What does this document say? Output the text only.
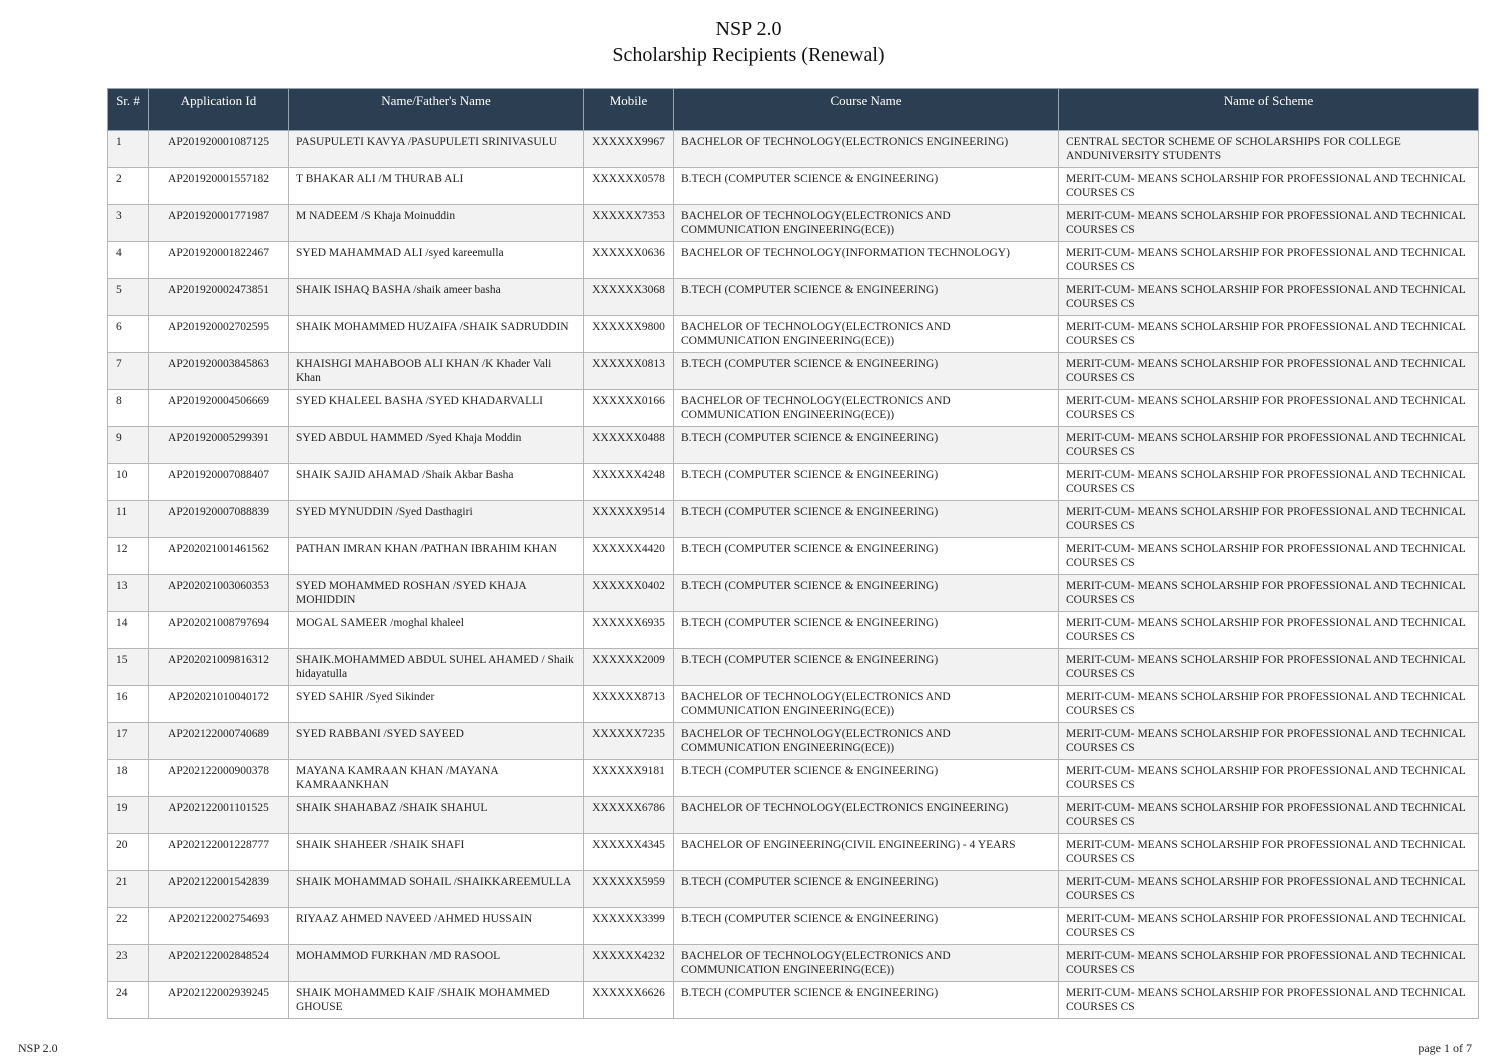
NSP 2.0
Scholarship Recipients (Renewal)
Sr. #	Application Id	Name/Father's Name	Mobile	Course Name	Name of Scheme
1	AP201920001087125	PASUPULETI KAVYA /PASUPULETI SRINIVASULU	XXXXXX9967	BACHELOR OF TECHNOLOGY(ELECTRONICS ENGINEERING)	CENTRAL SECTOR SCHEME OF SCHOLARSHIPS FOR COLLEGE ANDUNIVERSITY STUDENTS
2	AP201920001557182	T BHAKAR ALI /M THURAB ALI	XXXXXX0578	B.TECH (COMPUTER SCIENCE & ENGINEERING)	MERIT-CUM- MEANS SCHOLARSHIP FOR PROFESSIONAL AND TECHNICAL COURSES CS
3	AP201920001771987	M NADEEM /S Khaja Moinuddin	XXXXXX7353	BACHELOR OF TECHNOLOGY(ELECTRONICS AND COMMUNICATION ENGINEERING(ECE))	MERIT-CUM- MEANS SCHOLARSHIP FOR PROFESSIONAL AND TECHNICAL COURSES CS
4	AP201920001822467	SYED MAHAMMAD ALI /syed kareemulla	XXXXXX0636	BACHELOR OF TECHNOLOGY(INFORMATION TECHNOLOGY)	MERIT-CUM- MEANS SCHOLARSHIP FOR PROFESSIONAL AND TECHNICAL COURSES CS
5	AP201920002473851	SHAIK ISHAQ BASHA /shaik ameer basha	XXXXXX3068	B.TECH (COMPUTER SCIENCE & ENGINEERING)	MERIT-CUM- MEANS SCHOLARSHIP FOR PROFESSIONAL AND TECHNICAL COURSES CS
6	AP201920002702595	SHAIK MOHAMMED HUZAIFA /SHAIK SADRUDDIN	XXXXXX9800	BACHELOR OF TECHNOLOGY(ELECTRONICS AND COMMUNICATION ENGINEERING(ECE))	MERIT-CUM- MEANS SCHOLARSHIP FOR PROFESSIONAL AND TECHNICAL COURSES CS
7	AP201920003845863	KHAISHGI MAHABOOB ALI KHAN /K Khader Vali Khan	XXXXXX0813	B.TECH (COMPUTER SCIENCE & ENGINEERING)	MERIT-CUM- MEANS SCHOLARSHIP FOR PROFESSIONAL AND TECHNICAL COURSES CS
8	AP201920004506669	SYED KHALEEL BASHA /SYED KHADARVALLI	XXXXXX0166	BACHELOR OF TECHNOLOGY(ELECTRONICS AND COMMUNICATION ENGINEERING(ECE))	MERIT-CUM- MEANS SCHOLARSHIP FOR PROFESSIONAL AND TECHNICAL COURSES CS
9	AP201920005299391	SYED ABDUL HAMMED /Syed Khaja Moddin	XXXXXX0488	B.TECH (COMPUTER SCIENCE & ENGINEERING)	MERIT-CUM- MEANS SCHOLARSHIP FOR PROFESSIONAL AND TECHNICAL COURSES CS
10	AP201920007088407	SHAIK SAJID AHAMAD /Shaik Akbar Basha	XXXXXX4248	B.TECH (COMPUTER SCIENCE & ENGINEERING)	MERIT-CUM- MEANS SCHOLARSHIP FOR PROFESSIONAL AND TECHNICAL COURSES CS
11	AP201920007088839	SYED MYNUDDIN /Syed Dasthagiri	XXXXXX9514	B.TECH (COMPUTER SCIENCE & ENGINEERING)	MERIT-CUM- MEANS SCHOLARSHIP FOR PROFESSIONAL AND TECHNICAL COURSES CS
12	AP202021001461562	PATHAN IMRAN KHAN /PATHAN IBRAHIM KHAN	XXXXXX4420	B.TECH (COMPUTER SCIENCE & ENGINEERING)	MERIT-CUM- MEANS SCHOLARSHIP FOR PROFESSIONAL AND TECHNICAL COURSES CS
13	AP202021003060353	SYED MOHAMMED ROSHAN /SYED KHAJA MOHIDDIN	XXXXXX0402	B.TECH (COMPUTER SCIENCE & ENGINEERING)	MERIT-CUM- MEANS SCHOLARSHIP FOR PROFESSIONAL AND TECHNICAL COURSES CS
14	AP202021008797694	MOGAL SAMEER /moghal khaleel	XXXXXX6935	B.TECH (COMPUTER SCIENCE & ENGINEERING)	MERIT-CUM- MEANS SCHOLARSHIP FOR PROFESSIONAL AND TECHNICAL COURSES CS
15	AP202021009816312	SHAIK.MOHAMMED ABDUL SUHEL AHAMED / Shaik hidayatulla	XXXXXX2009	B.TECH (COMPUTER SCIENCE & ENGINEERING)	MERIT-CUM- MEANS SCHOLARSHIP FOR PROFESSIONAL AND TECHNICAL COURSES CS
16	AP202021010040172	SYED SAHIR /Syed Sikinder	XXXXXX8713	BACHELOR OF TECHNOLOGY(ELECTRONICS AND COMMUNICATION ENGINEERING(ECE))	MERIT-CUM- MEANS SCHOLARSHIP FOR PROFESSIONAL AND TECHNICAL COURSES CS
17	AP202122000740689	SYED RABBANI /SYED SAYEED	XXXXXX7235	BACHELOR OF TECHNOLOGY(ELECTRONICS AND COMMUNICATION ENGINEERING(ECE))	MERIT-CUM- MEANS SCHOLARSHIP FOR PROFESSIONAL AND TECHNICAL COURSES CS
18	AP202122000900378	MAYANA KAMRAAN KHAN /MAYANA KAMRAANKHAN	XXXXXX9181	B.TECH (COMPUTER SCIENCE & ENGINEERING)	MERIT-CUM- MEANS SCHOLARSHIP FOR PROFESSIONAL AND TECHNICAL COURSES CS
19	AP202122001101525	SHAIK SHAHABAZ /SHAIK SHAHUL	XXXXXX6786	BACHELOR OF TECHNOLOGY(ELECTRONICS ENGINEERING)	MERIT-CUM- MEANS SCHOLARSHIP FOR PROFESSIONAL AND TECHNICAL COURSES CS
20	AP202122001228777	SHAIK SHAHEER /SHAIK SHAFI	XXXXXX4345	BACHELOR OF ENGINEERING(CIVIL ENGINEERING) - 4 YEARS	MERIT-CUM- MEANS SCHOLARSHIP FOR PROFESSIONAL AND TECHNICAL COURSES CS
21	AP202122001542839	SHAIK MOHAMMAD SOHAIL /SHAIKKAREEMULLA	XXXXXX5959	B.TECH (COMPUTER SCIENCE & ENGINEERING)	MERIT-CUM- MEANS SCHOLARSHIP FOR PROFESSIONAL AND TECHNICAL COURSES CS
22	AP202122002754693	RIYAAZ AHMED NAVEED /AHMED HUSSAIN	XXXXXX3399	B.TECH (COMPUTER SCIENCE & ENGINEERING)	MERIT-CUM- MEANS SCHOLARSHIP FOR PROFESSIONAL AND TECHNICAL COURSES CS
23	AP202122002848524	MOHAMMOD FURKHAN /MD RASOOL	XXXXXX4232	BACHELOR OF TECHNOLOGY(ELECTRONICS AND COMMUNICATION ENGINEERING(ECE))	MERIT-CUM- MEANS SCHOLARSHIP FOR PROFESSIONAL AND TECHNICAL COURSES CS
24	AP202122002939245	SHAIK MOHAMMED KAIF /SHAIK MOHAMMED GHOUSE	XXXXXX6626	B.TECH (COMPUTER SCIENCE & ENGINEERING)	MERIT-CUM- MEANS SCHOLARSHIP FOR PROFESSIONAL AND TECHNICAL COURSES CS
NSP 2.0	page 1 of 7
